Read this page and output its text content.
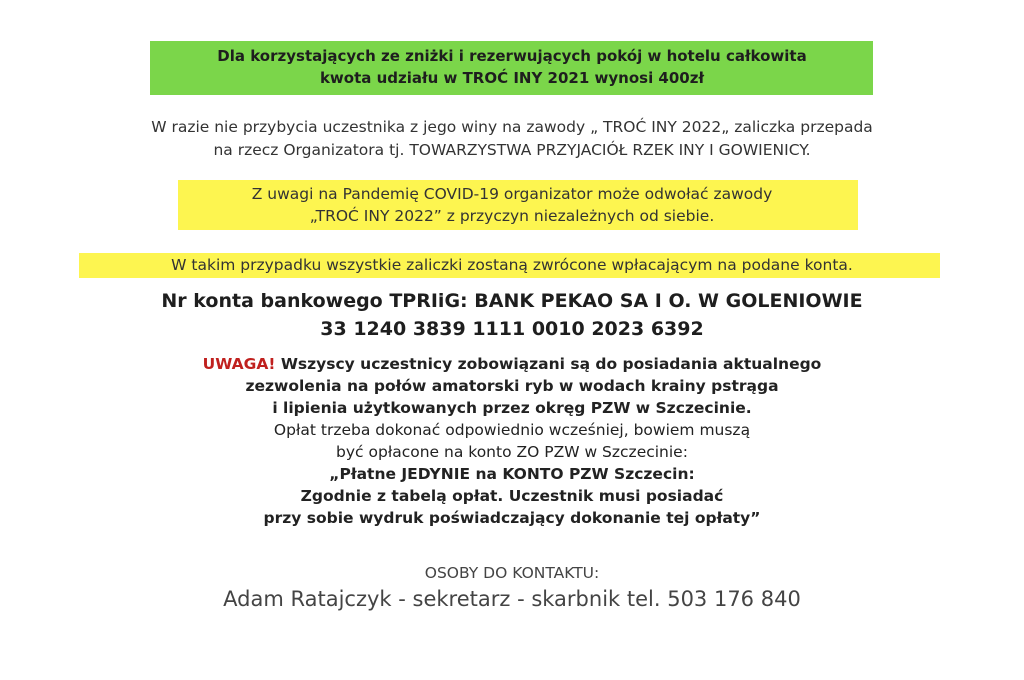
Dla korzystających ze zniżki i rezerwujących pokój w hotelu całkowita
kwota udziału w TROĆ INY 2021 wynosi 400zł
W razie nie przybycia uczestnika z jego winy na zawody „ TROĆ INY 2022„ zaliczka przepada
na rzecz Organizatora tj. TOWARZYSTWA PRZYJACIÓŁ RZEK INY I GOWIENICY.
Z uwagi na Pandemię COVID-19 organizator może odwołać zawody
„TROĆ INY 2022” z przyczyn niezależnych od siebie.
W takim przypadku wszystkie zaliczki zostaną zwrócone wpłacającym na podane konta.
Nr konta bankowego TPRIiG: BANK PEKAO SA I O. W GOLENIOWIE
33 1240 3839 1111 0010 2023 6392
UWAGA! Wszyscy uczestnicy zobowiązani są do posiadania aktualnego
zezwolenia na połów amatorski ryb w wodach krainy pstrąga
i lipienia użytkowanych przez okręg PZW w Szczecinie.
Opłat trzeba dokonać odpowiednio wcześniej, bowiem muszą
być opłacone na konto ZO PZW w Szczecinie:
„Płatne JEDYNIE na KONTO PZW Szczecin:
Zgodnie z tabelą opłat. Uczestnik musi posiadać
przy sobie wydruk poświadczający dokonanie tej opłaty”
OSOBY DO KONTAKTU:
Adam Ratajczyk - sekretarz - skarbnik tel. 503 176 840
